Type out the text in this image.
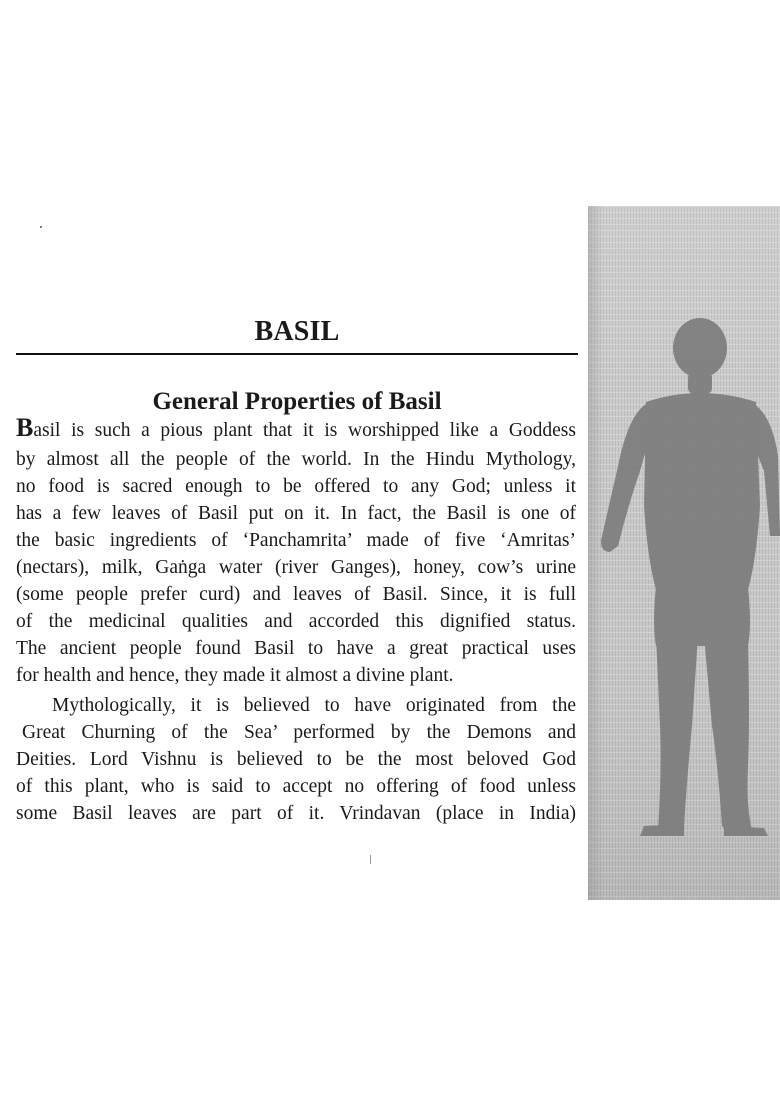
BASIL
General Properties of Basil
Basil is such a pious plant that it is worshipped like a Goddess
by almost all the people of the world. In the Hindu Mythology,
no food is sacred enough to be offered to any God; unless it
has a few leaves of Basil put on it. In fact, the Basil is one of
the basic ingredients of ‘Panchamrita’ made of five ‘Amritas’
(nectars), milk, Gaṅga water (river Ganges), honey, cow’s urine
(some people prefer curd) and leaves of Basil. Since, it is full
of the medicinal qualities and accorded this dignified status.
The ancient people found Basil to have a great practical uses
for health and hence, they made it almost a divine plant.
Mythologically, it is believed to have originated from the
Great Churning of the Sea’ performed by the Demons and
Deities. Lord Vishnu is believed to be the most beloved God
of this plant, who is said to accept no offering of food unless
some Basil leaves are part of it. Vrindavan (place in India)
